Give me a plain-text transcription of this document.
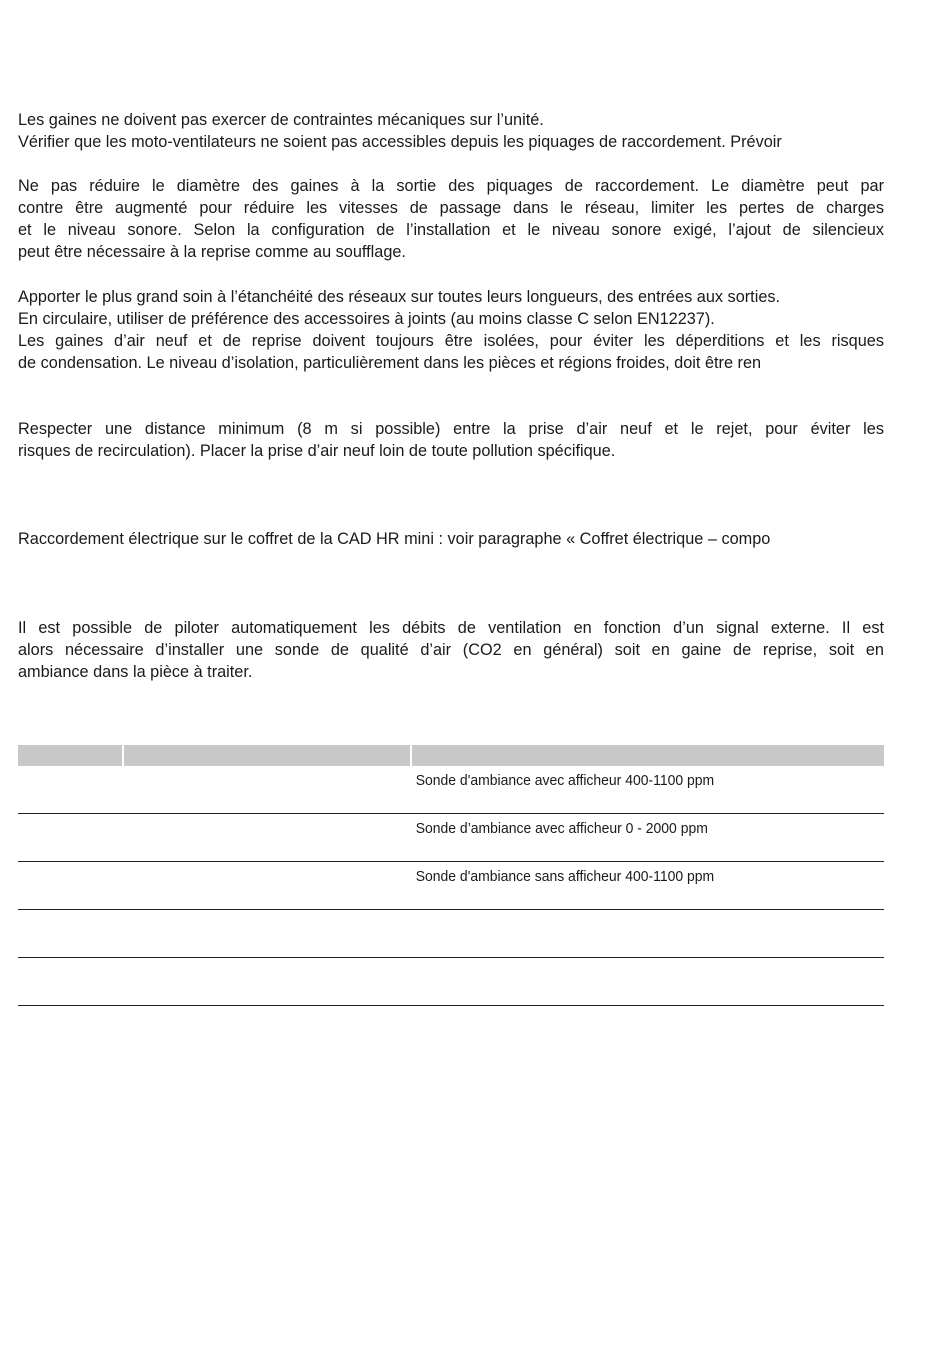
Les gaines ne doivent pas exercer de contraintes mécaniques sur l’unité.
Vérifier que les moto-ventilateurs ne soient pas accessibles depuis les piquages de raccordement. Prévoir
Ne pas réduire le diamètre des gaines à la sortie des piquages de raccordement. Le diamètre peut par
contre être augmenté pour réduire les vitesses de passage dans le réseau, limiter les pertes de charges
et le niveau sonore. Selon la configuration de l’installation et le niveau sonore exigé, l’ajout de silencieux
peut être nécessaire à la reprise comme au soufflage.
Apporter le plus grand soin à l’étanchéité des réseaux sur toutes leurs longueurs, des entrées aux sorties.
En circulaire, utiliser de préférence des accessoires à joints (au moins classe C selon EN12237).
Les gaines d’air neuf et de reprise doivent toujours être isolées, pour éviter les déperditions et les risques
de condensation. Le niveau d’isolation, particulièrement dans les pièces et régions froides, doit être ren
Respecter une distance minimum (8 m si possible) entre la prise d’air neuf et le rejet, pour éviter les
risques de recirculation). Placer la prise d’air neuf loin de toute pollution spécifique.
Raccordement électrique sur le coffret de la CAD HR mini : voir paragraphe « Coffret électrique – compo
Il est possible de piloter automatiquement les débits de ventilation en fonction d’un signal externe. Il est
alors nécessaire d’installer une sonde de qualité d’air (CO2 en général) soit en gaine de reprise, soit en
ambiance dans la pièce à traiter.
Sonde d'ambiance avec afficheur 400-1100 ppm
Sonde d’ambiance avec afficheur 0 - 2000 ppm
Sonde d'ambiance sans afficheur 400-1100 ppm
